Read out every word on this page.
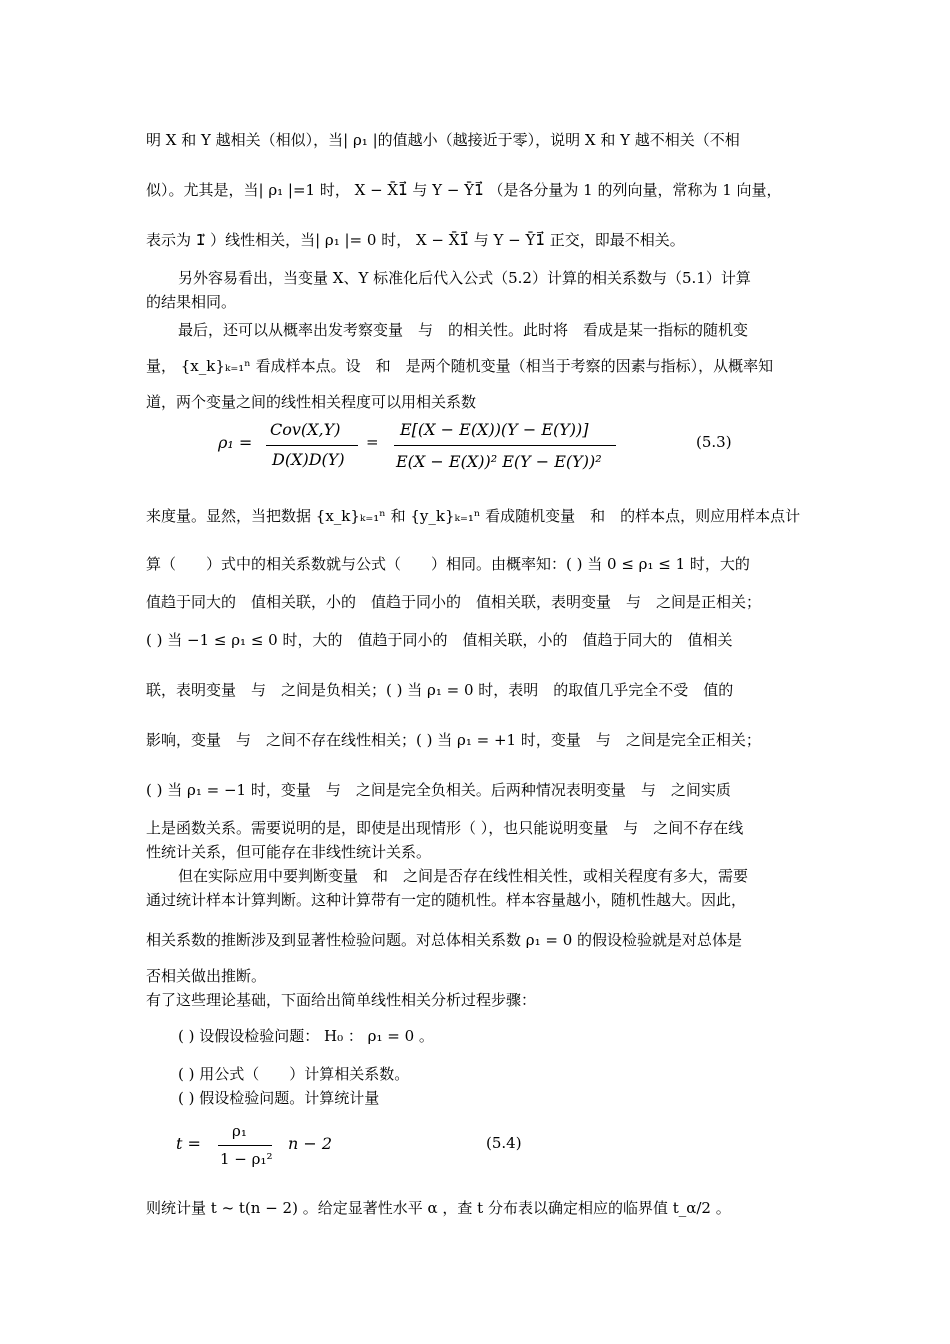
明 X 和 Y 越相关（相似），当| ρ₁ |的值越小（越接近于零），说明 X 和 Y 越不相关（不相
似）。尤其是，当| ρ₁ |=1 时， X − X̄1⃗ 与 Y − Ȳ1⃗ （是各分量为 1 的列向量，常称为 1 向量，
表示为 1⃗ ）线性相关，当| ρ₁ |= 0 时， X − X̄1⃗ 与 Y − Ȳ1⃗ 正交，即最不相关。
另外容易看出，当变量 X、Y 标准化后代入公式（5.2）计算的相关系数与（5.1）计算
的结果相同。
最后，还可以从概率出发考察变量　与　的相关性。此时将　看成是某一指标的随机变
量， {x_k}ₖ₌₁ⁿ 看成样本点。设　和　是两个随机变量（相当于考察的因素与指标），从概率知
道，两个变量之间的线性相关程度可以用相关系数
ρ₁ =
Cov(X,Y)
D(X)D(Y)
=
E[(X − E(X))(Y − E(Y))]
E(X − E(X))² E(Y − E(Y))²
(5.3)
来度量。显然，当把数据 {x_k}ₖ₌₁ⁿ 和 {y_k}ₖ₌₁ⁿ 看成随机变量　和　的样本点，则应用样本点计
算（　　）式中的相关系数就与公式（　　）相同。由概率知：( ) 当 0 ≤ ρ₁ ≤ 1 时，大的
值趋于同大的　值相关联，小的　值趋于同小的　值相关联，表明变量　与　之间是正相关；
( ) 当 −1 ≤ ρ₁ ≤ 0 时，大的　值趋于同小的　值相关联，小的　值趋于同大的　值相关
联，表明变量　与　之间是负相关；( ) 当 ρ₁ = 0 时，表明　的取值几乎完全不受　值的
影响，变量　与　之间不存在线性相关；( ) 当 ρ₁ = +1 时，变量　与　之间是完全正相关；
( ) 当 ρ₁ = −1 时，变量　与　之间是完全负相关。后两种情况表明变量　与　之间实质
上是函数关系。需要说明的是，即使是出现情形（ ），也只能说明变量　与　之间不存在线
性统计关系，但可能存在非线性统计关系。
但在实际应用中要判断变量　和　之间是否存在线性相关性，或相关程度有多大，需要
通过统计样本计算判断。这种计算带有一定的随机性。样本容量越小，随机性越大。因此，
相关系数的推断涉及到显著性检验问题。对总体相关系数 ρ₁ = 0 的假设检验就是对总体是
否相关做出推断。
有了这些理论基础，下面给出简单线性相关分析过程步骤：
( ) 设假设检验问题： H₀ ： ρ₁ = 0 。
( ) 用公式（　　）计算相关系数。
( ) 假设检验问题。计算统计量
t =
ρ₁
1 − ρ₁²
n − 2	(5.4)
则统计量 t ~ t(n − 2) 。给定显著性水平 α ，查 t 分布表以确定相应的临界值 t_α/2 。
